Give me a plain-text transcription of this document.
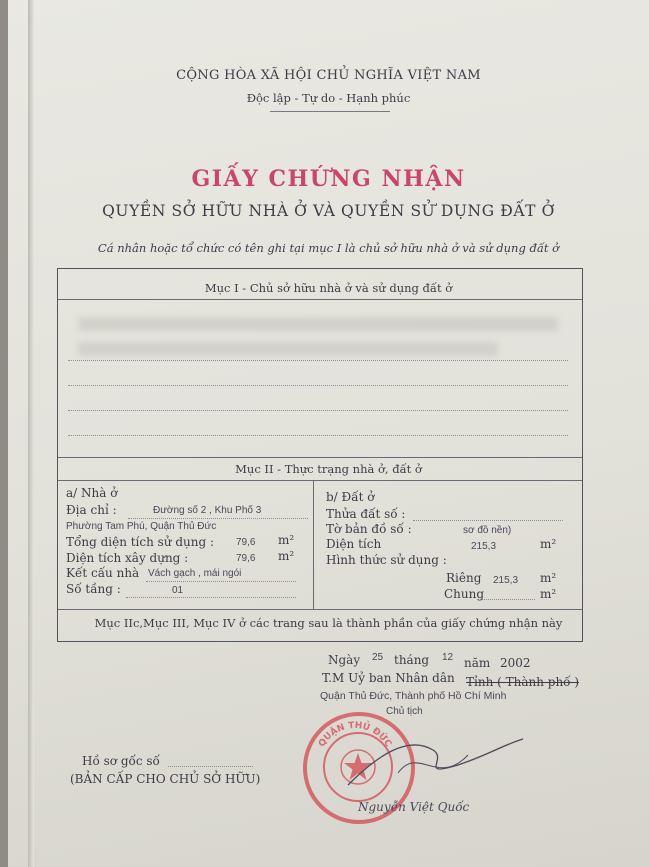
CỘNG HÒA XÃ HỘI CHỦ NGHĨA VIỆT NAM
Độc lập - Tự do - Hạnh phúc
GIẤY CHỨNG NHẬN
QUYỀN SỞ HỮU NHÀ Ở VÀ QUYỀN SỬ DỤNG ĐẤT Ở
Cá nhân hoặc tổ chức có tên ghi tại mục I là chủ sở hữu nhà ở và sử dụng đất ở
Mục I - Chủ sở hữu nhà ở và sử dụng đất ở
Mục II - Thực trạng nhà ở, đất ở
a/ Nhà ở
Địa chỉ :	Đường số 2 , Khu Phố 3
Phường Tam Phú, Quận Thủ Đức
Tổng diện tích sử dụng : 79,6 m²
Diện tích xây dựng :	79,6 m²
Kết cấu nhà Vách gạch , mái ngói
Số tầng :	01
b/ Đất ở
Thửa đất số :
Tờ bản đồ số :	sơ đồ nền)
Diện tích	215,3	m²
Hình thức sử dụng :
Riêng 215,3 m²
Chung	m²
Mục IIc,Mục III, Mục IV ở các trang sau là thành phần của giấy chứng nhận này
Ngày 25 tháng 12 năm 2002
T.M Uỷ ban Nhân dân Tỉnh ( Thành phố )
Quận Thủ Đức, Thành phố Hồ Chí Minh
Chủ tịch
QUẬN THỦ ĐỨC
Nguyễn Việt Quốc
Hồ sơ gốc số
(BẢN CẤP CHO CHỦ SỞ HỮU)
